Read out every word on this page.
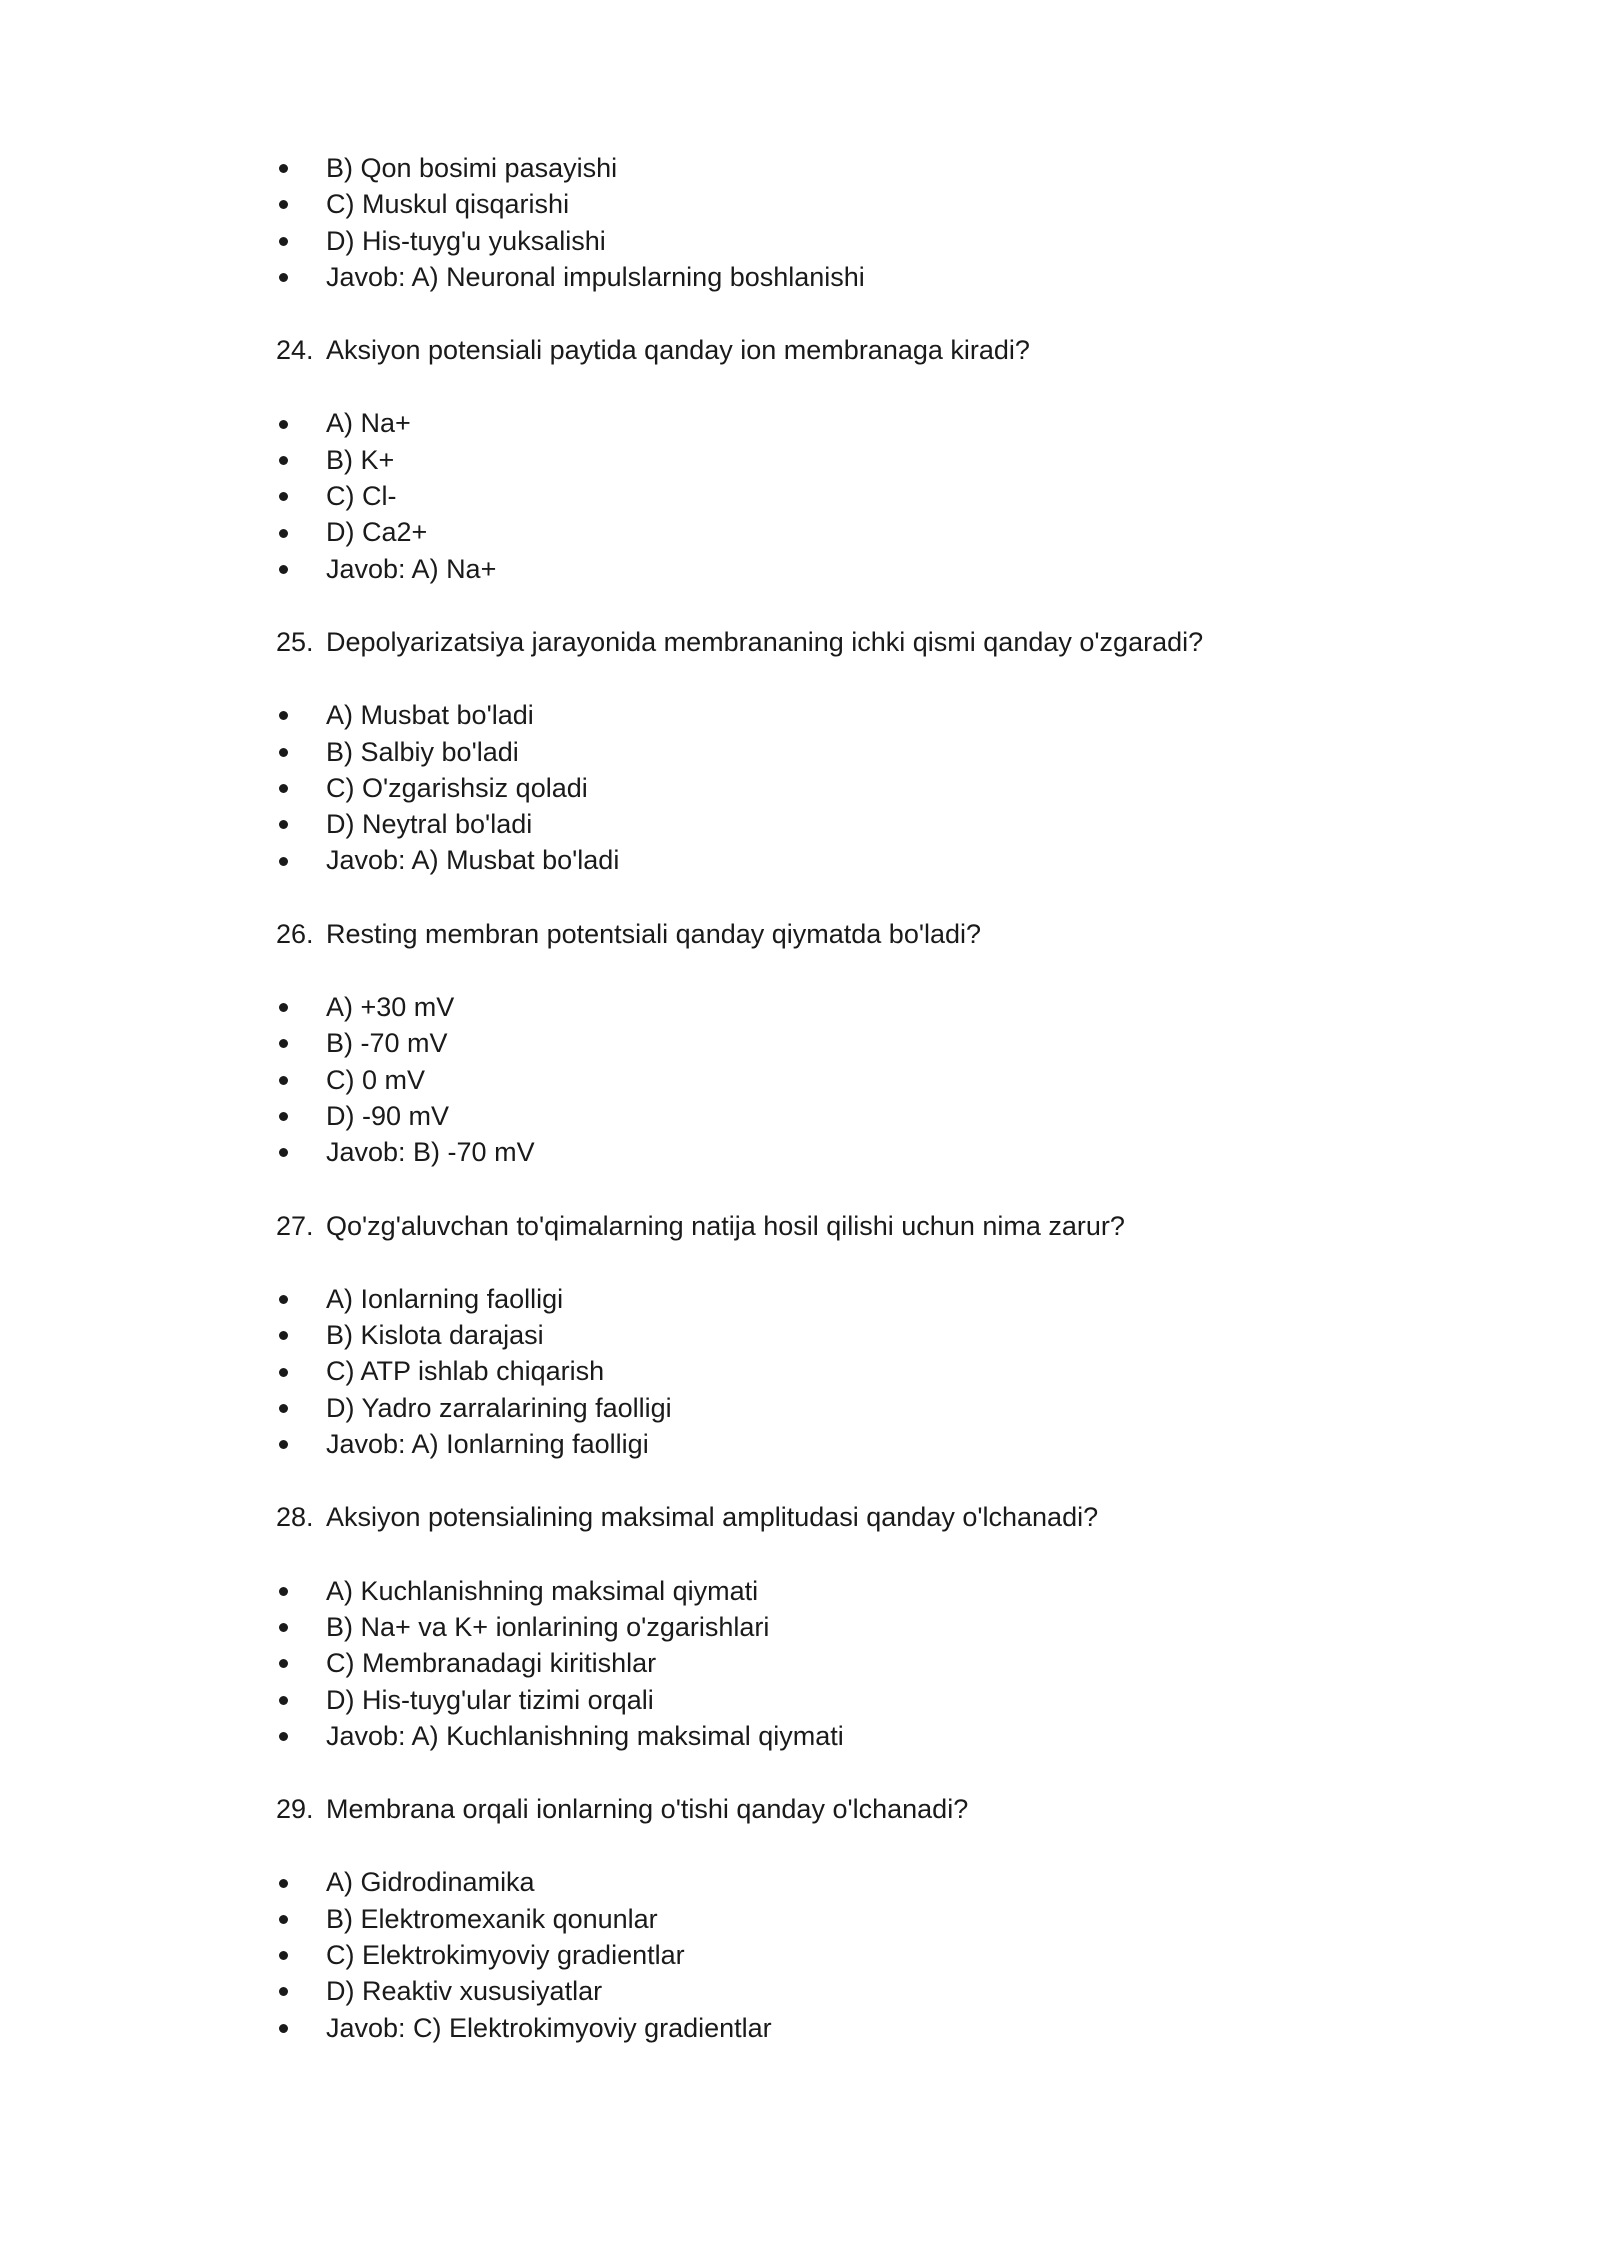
B) Qon bosimi pasayishi
C) Muskul qisqarishi
D) His-tuyg'u yuksalishi
Javob: A) Neuronal impulslarning boshlanishi
24. Aksiyon potensiali paytida qanday ion membranaga kiradi?
A) Na+
B) K+
C) Cl-
D) Ca2+
Javob: A) Na+
25. Depolyarizatsiya jarayonida membrananing ichki qismi qanday o'zgaradi?
A) Musbat bo'ladi
B) Salbiy bo'ladi
C) O'zgarishsiz qoladi
D) Neytral bo'ladi
Javob: A) Musbat bo'ladi
26. Resting membran potentsiali qanday qiymatda bo'ladi?
A) +30 mV
B) -70 mV
C) 0 mV
D) -90 mV
Javob: B) -70 mV
27. Qo'zg'aluvchan to'qimalarning natija hosil qilishi uchun nima zarur?
A) Ionlarning faolligi
B) Kislota darajasi
C) ATP ishlab chiqarish
D) Yadro zarralarining faolligi
Javob: A) Ionlarning faolligi
28. Aksiyon potensialining maksimal amplitudasi qanday o'lchanadi?
A) Kuchlanishning maksimal qiymati
B) Na+ va K+ ionlarining o'zgarishlari
C) Membranadagi kiritishlar
D) His-tuyg'ular tizimi orqali
Javob: A) Kuchlanishning maksimal qiymati
29. Membrana orqali ionlarning o'tishi qanday o'lchanadi?
A) Gidrodinamika
B) Elektromexanik qonunlar
C) Elektrokimyoviy gradientlar
D) Reaktiv xususiyatlar
Javob: C) Elektrokimyoviy gradientlar
